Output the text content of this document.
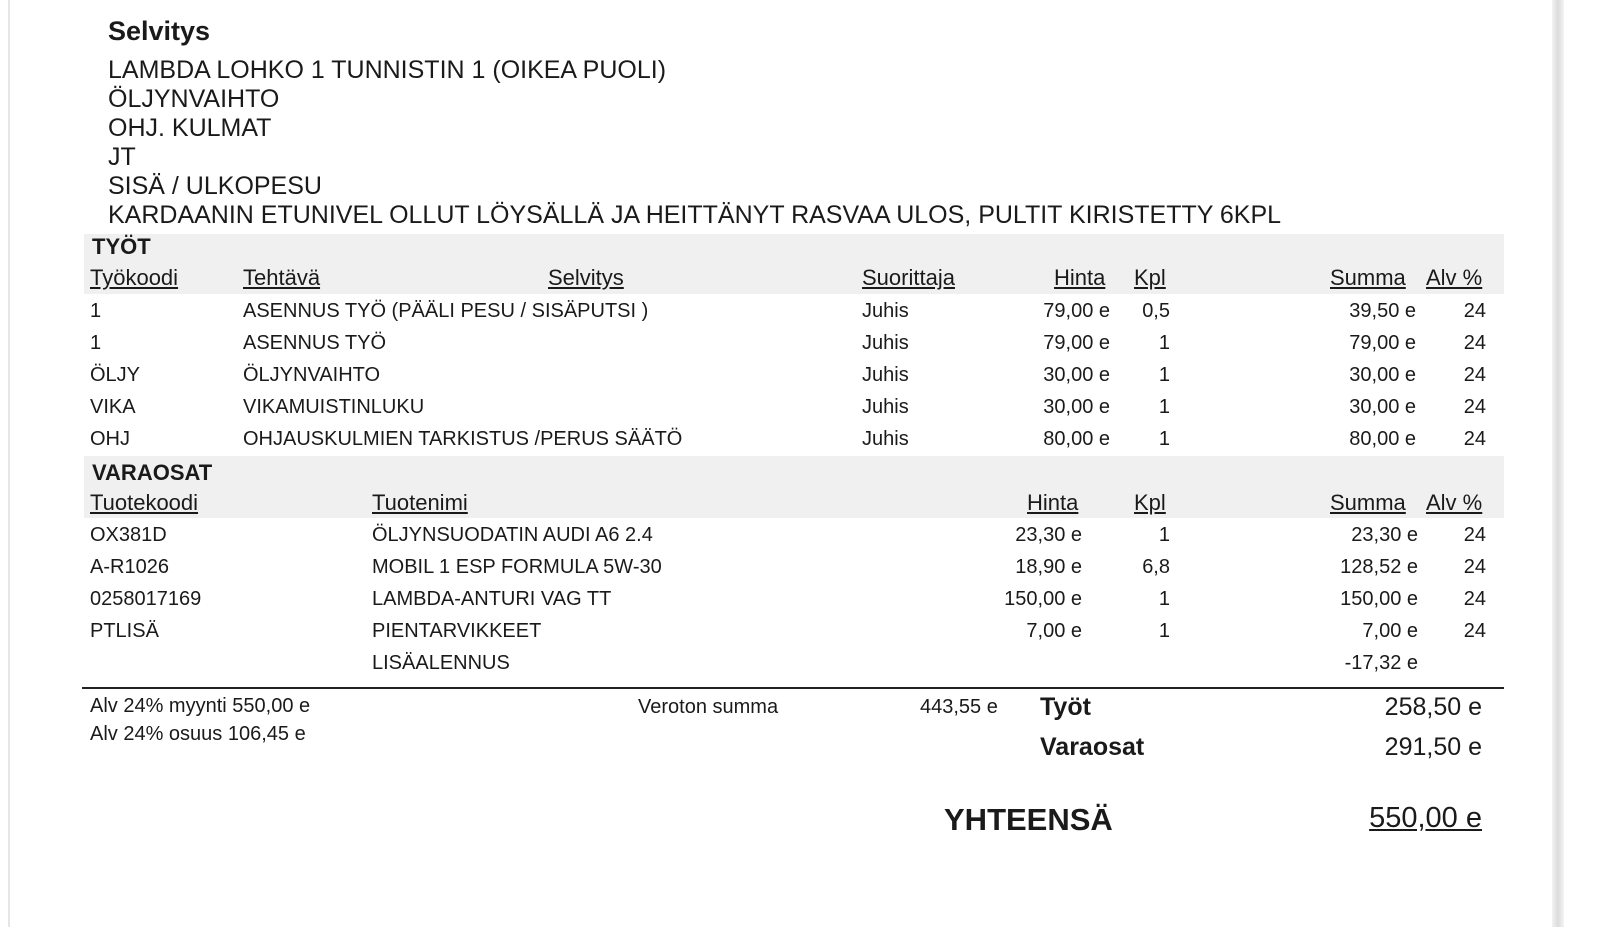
Selvitys
LAMBDA LOHKO 1 TUNNISTIN 1 (OIKEA PUOLI)
ÖLJYNVAIHTO
OHJ. KULMAT
JT
SISÄ / ULKOPESU
KARDAANIN ETUNIVEL OLLUT LÖYSÄLLÄ JA HEITTÄNYT RASVAA ULOS, PULTIT KIRISTETTY 6KPL
TYÖT
Työkoodi	Tehtävä	Selvitys	Suorittaja	Hinta Kpl	Summa Alv %
1	ASENNUS TYÖ (PÄÄLI PESU / SISÄPUTSI )	Juhis	79,00 e	0,5	39,50 e	24
1	ASENNUS TYÖ	Juhis	79,00 e	1	79,00 e	24
ÖLJY	ÖLJYNVAIHTO	Juhis	30,00 e	1	30,00 e	24
VIKA	VIKAMUISTINLUKU	Juhis	30,00 e	1	30,00 e	24
OHJ	OHJAUSKULMIEN TARKISTUS /PERUS SÄÄTÖ	Juhis	80,00 e	1	80,00 e	24
VARAOSAT
Tuotekoodi	Tuotenimi	Hinta	Kpl	Summa Alv %
OX381D	ÖLJYNSUODATIN AUDI A6 2.4	23,30 e	1	23,30 e	24
A-R1026	MOBIL 1 ESP FORMULA 5W-30	18,90 e	6,8	128,52 e	24
0258017169	LAMBDA-ANTURI VAG TT	150,00 e	1	150,00 e	24
PTLISÄ	PIENTARVIKKEET	7,00 e	1	7,00 e	24
LISÄALENNUS	-17,32 e
Alv 24% myynti 550,00 e
Alv 24% osuus 106,45 e
Veroton summa	443,55 e Työt	258,50 e
Varaosat	291,50 e
YHTEENSÄ	550,00 e
